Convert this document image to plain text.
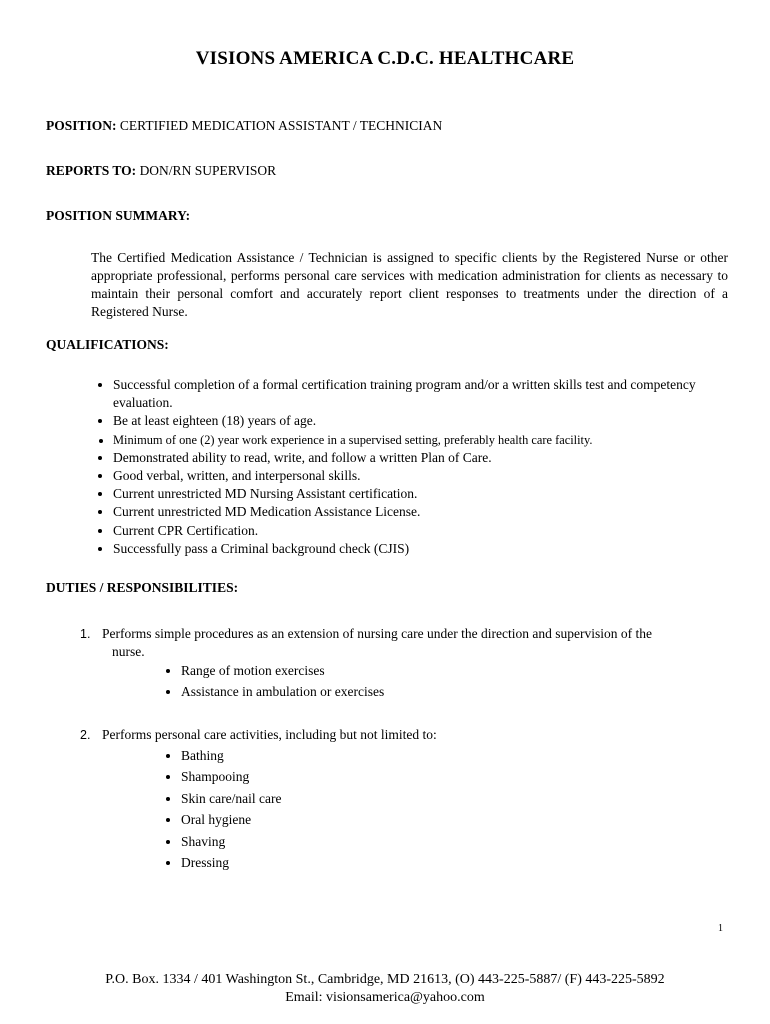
VISIONS AMERICA C.D.C. HEALTHCARE
POSITION: CERTIFIED MEDICATION ASSISTANT / TECHNICIAN
REPORTS TO: DON/RN SUPERVISOR
POSITION SUMMARY:
The Certified Medication Assistance / Technician is assigned to specific clients by the Registered Nurse or other appropriate professional, performs personal care services with medication administration for clients as necessary to maintain their personal comfort and accurately report client responses to treatments under the direction of a Registered Nurse.
QUALIFICATIONS:
• Successful completion of a formal certification training program and/or a written skills test and competency evaluation.
• Be at least eighteen (18) years of age.
• Minimum of one (2) year work experience in a supervised setting, preferably health care facility.
• Demonstrated ability to read, write, and follow a written Plan of Care.
• Good verbal, written, and interpersonal skills.
• Current unrestricted MD Nursing Assistant certification.
• Current unrestricted MD Medication Assistance License.
• Current CPR Certification.
• Successfully pass a Criminal background check (CJIS)
DUTIES / RESPONSIBILITIES:
1. Performs simple procedures as an extension of nursing care under the direction and supervision of the
nurse.
• Range of motion exercises
• Assistance in ambulation or exercises
2. Performs personal care activities, including but not limited to:
• Bathing
• Shampooing
• Skin care/nail care
• Oral hygiene
• Shaving
• Dressing
1
P.O. Box. 1334 / 401 Washington St., Cambridge, MD 21613, (O) 443-225-5887/ (F) 443-225-5892
Email: visionsamerica@yahoo.com
